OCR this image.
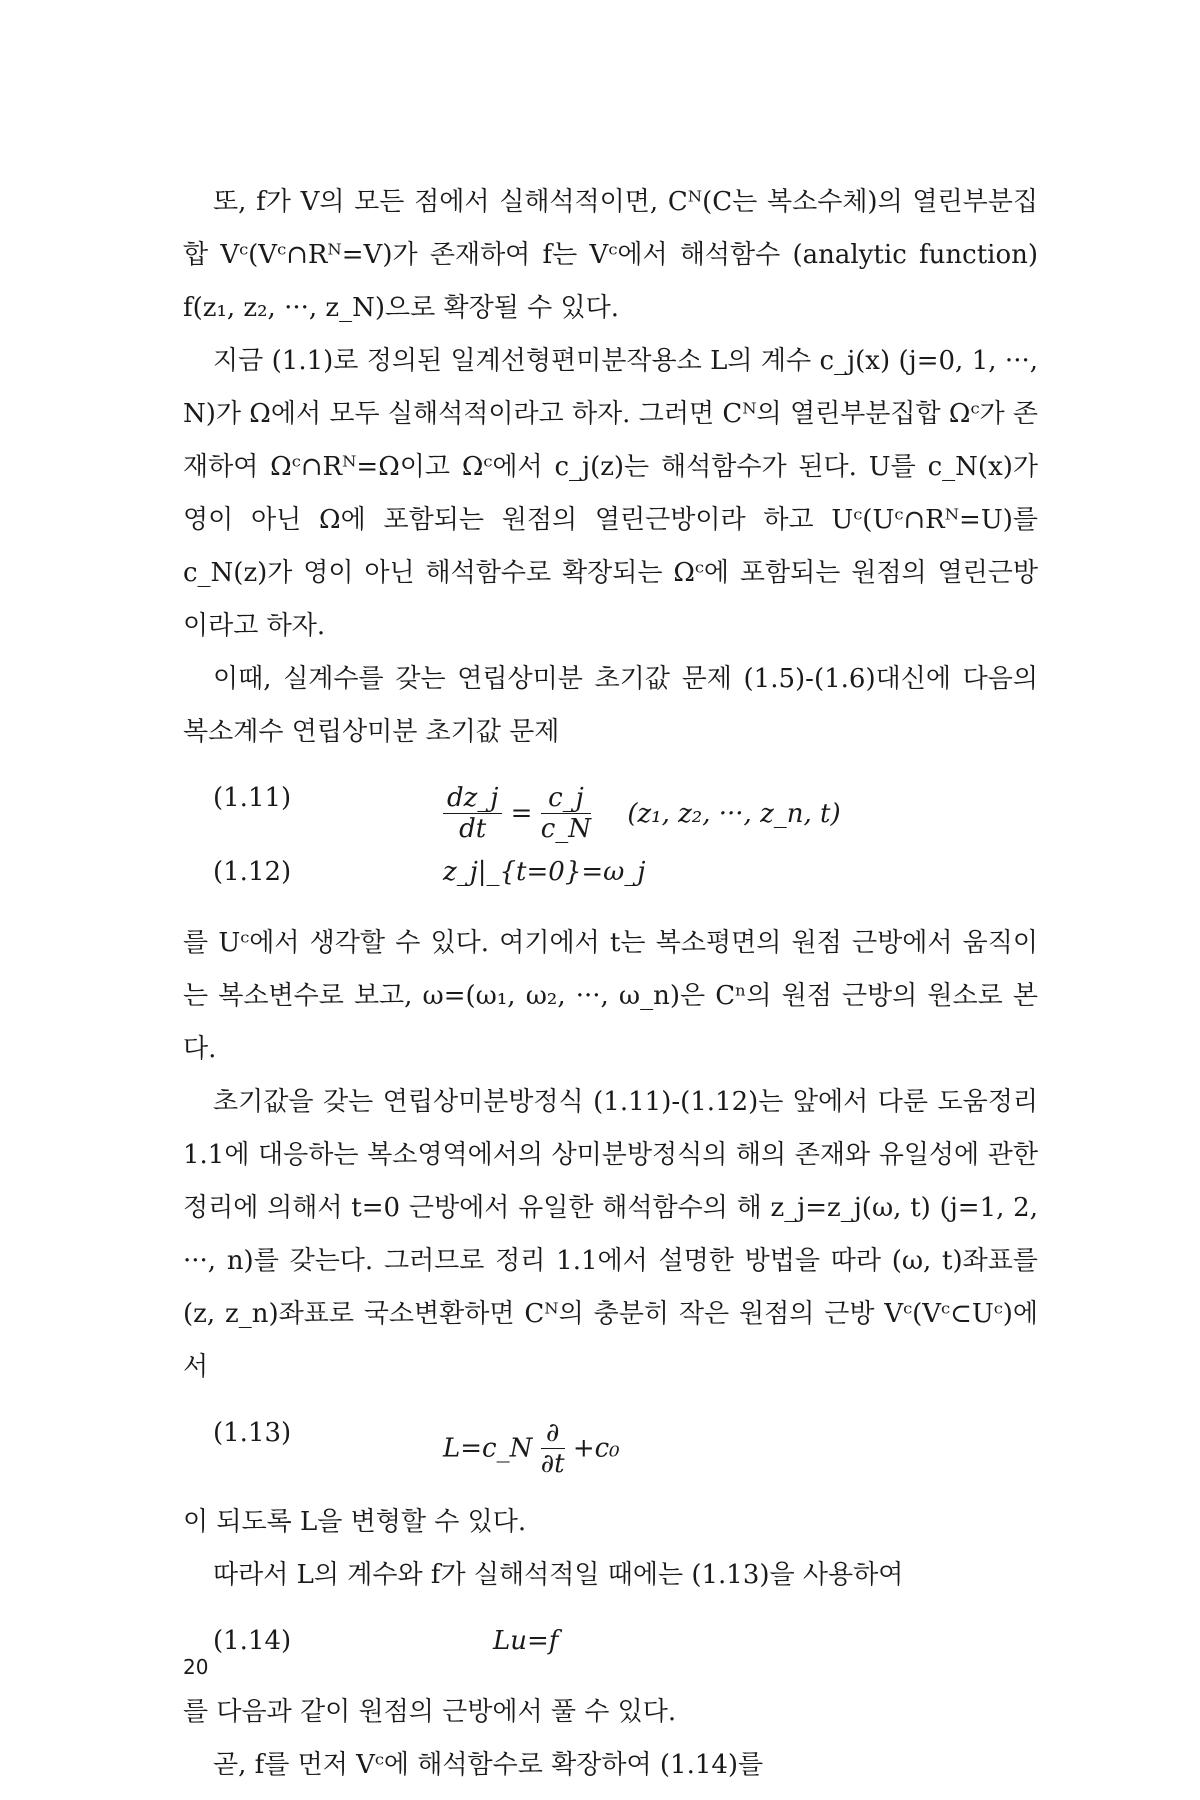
또, f가 V의 모든 점에서 실해석적이면, Cᴺ(C는 복소수체)의 열린부분집합 Vᶜ(Vᶜ∩Rᴺ=V)가 존재하여 f는 Vᶜ에서 해석함수 (analytic function) f(z₁, z₂, ···, z_N)으로 확장될 수 있다.

지금 (1.1)로 정의된 일계선형편미분작용소 L의 계수 c_j(x) (j=0, 1, ···, N)가 Ω에서 모두 실해석적이라고 하자. 그러면 Cᴺ의 열린부분집합 Ωᶜ가 존재하여 Ωᶜ∩Rᴺ=Ω이고 Ωᶜ에서 c_j(z)는 해석함수가 된다. U를 c_N(x)가 영이 아닌 Ω에 포함되는 원점의 열린근방이라 하고 Uᶜ(Uᶜ∩Rᴺ=U)를 c_N(z)가 영이 아닌 해석함수로 확장되는 Ωᶜ에 포함되는 원점의 열린근방이라고 하자.

이때, 실계수를 갖는 연립상미분 초기값 문제 (1.5)-(1.6)대신에 다음의 복소계수 연립상미분 초기값 문제

(1.11)	$\frac{dz\_j}{dt} = \frac{c\_j}{c\_N} (z_1$, z₂, ···, z_n, t)
(1.12)	z_j|_{t=0}=ω_j

를 Uᶜ에서 생각할 수 있다. 여기에서 t는 복소평면의 원점 근방에서 움직이는 복소변수로 보고, ω=(ω₁, ω₂, ···, ω_n)은 Cⁿ의 원점 근방의 원소로 본다.

초기값을 갖는 연립상미분방정식 (1.11)-(1.12)는 앞에서 다룬 도움정리 1.1에 대응하는 복소영역에서의 상미분방정식의 해의 존재와 유일성에 관한 정리에 의해서 t=0 근방에서 유일한 해석함수의 해 z_j=z_j(ω, t) (j=1, 2, ···, n)를 갖는다. 그러므로 정리 1.1에서 설명한 방법을 따라 (ω, t)좌표를 (z, z_n)좌표로 국소변환하면 Cᴺ의 충분히 작은 원점의 근방 Vᶜ(Vᶜ⊂Uᶜ)에서

(1.13)
L=c_N $\frac{\partial}{\partial t} +c_0$

이 되도록 L을 변형할 수 있다.

따라서 L의 계수와 f가 실해석적일 때에는 (1.13)을 사용하여

(1.14)	Lu=f

를 다음과 같이 원점의 근방에서 풀 수 있다.

곧, f를 먼저 Vᶜ에 해석함수로 확장하여 (1.14)를

20
